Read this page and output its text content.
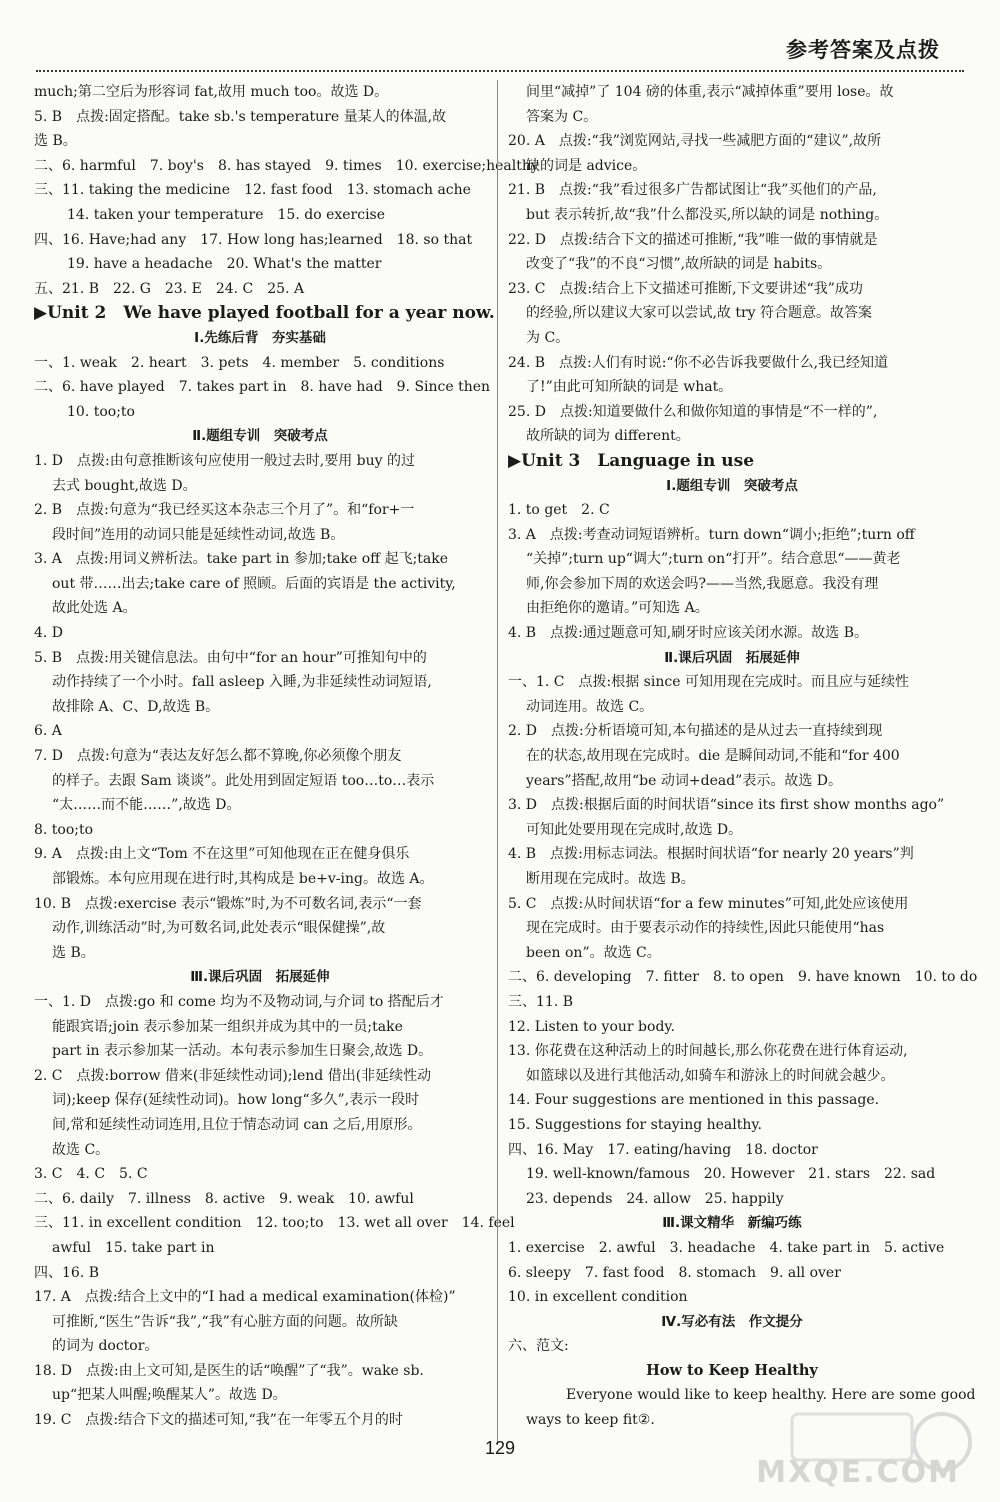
参考答案及点拨
much;第二空后为形容词 fat,故用 much too。故选 D。
5. B　点拨:固定搭配。take sb.'s temperature 量某人的体温,故
选 B。
二、6. harmful　7. boy's　8. has stayed　9. times　10. exercise;healthy
三、11. taking the medicine　12. fast food　13. stomach ache
14. taken your temperature　15. do exercise
四、16. Have;had any　17. How long has;learned　18. so that
19. have a headache　20. What's the matter
五、21. B　22. G　23. E　24. C　25. A
▶Unit 2　We have played football for a year now.
Ⅰ.先练后背　夯实基础
一、1. weak　2. heart　3. pets　4. member　5. conditions
二、6. have played　7. takes part in　8. have had　9. Since then
10. too;to
Ⅱ.题组专训　突破考点
1. D　点拨:由句意推断该句应使用一般过去时,要用 buy 的过
去式 bought,故选 D。
2. B　点拨:句意为“我已经买这本杂志三个月了”。和“for+一
段时间”连用的动词只能是延续性动词,故选 B。
3. A　点拨:用词义辨析法。take part in 参加;take off 起飞;take
out 带……出去;take care of 照顾。后面的宾语是 the activity,
故此处选 A。
4. D
5. B　点拨:用关键信息法。由句中“for an hour”可推知句中的
动作持续了一个小时。fall asleep 入睡,为非延续性动词短语,
故排除 A、C、D,故选 B。
6. A
7. D　点拨:句意为“表达友好怎么都不算晚,你必须像个朋友
的样子。去跟 Sam 谈谈”。此处用到固定短语 too…to…表示
“太……而不能……”,故选 D。
8. too;to
9. A　点拨:由上文“Tom 不在这里”可知他现在正在健身俱乐
部锻炼。本句应用现在进行时,其构成是 be+v-ing。故选 A。
10. B　点拨:exercise 表示“锻炼”时,为不可数名词,表示“一套
动作,训练活动”时,为可数名词,此处表示“眼保健操”,故
选 B。
Ⅲ.课后巩固　拓展延伸
一、1. D　点拨:go 和 come 均为不及物动词,与介词 to 搭配后才
能跟宾语;join 表示参加某一组织并成为其中的一员;take
part in 表示参加某一活动。本句表示参加生日聚会,故选 D。
2. C　点拨:borrow 借来(非延续性动词);lend 借出(非延续性动
词);keep 保存(延续性动词)。how long“多久”,表示一段时
间,常和延续性动词连用,且位于情态动词 can 之后,用原形。
故选 C。
3. C　4. C　5. C
二、6. daily　7. illness　8. active　9. weak　10. awful
三、11. in excellent condition　12. too;to　13. wet all over　14. feel
awful　15. take part in
四、16. B
17. A　点拨:结合上文中的“I had a medical examination(体检)”
可推断,“医生”告诉“我”,“我”有心脏方面的问题。故所缺
的词为 doctor。
18. D　点拨:由上文可知,是医生的话“唤醒”了“我”。wake sb.
up“把某人叫醒;唤醒某人”。故选 D。
19. C　点拨:结合下文的描述可知,“我”在一年零五个月的时
间里“减掉”了 104 磅的体重,表示“减掉体重”要用 lose。故
答案为 C。
20. A　点拨:“我”浏览网站,寻找一些减肥方面的“建议”,故所
缺的词是 advice。
21. B　点拨:“我”看过很多广告都试图让“我”买他们的产品,
but 表示转折,故“我”什么都没买,所以缺的词是 nothing。
22. D　点拨:结合下文的描述可推断,“我”唯一做的事情就是
改变了“我”的不良“习惯”,故所缺的词是 habits。
23. C　点拨:结合上下文描述可推断,下文要讲述“我”成功
的经验,所以建议大家可以尝试,故 try 符合题意。故答案
为 C。
24. B　点拨:人们有时说:“你不必告诉我要做什么,我已经知道
了!”由此可知所缺的词是 what。
25. D　点拨:知道要做什么和做你知道的事情是“不一样的”,
故所缺的词为 different。
▶Unit 3　Language in use
Ⅰ.题组专训　突破考点
1. to get　2. C
3. A　点拨:考查动词短语辨析。turn down“调小;拒绝”;turn off
“关掉”;turn up“调大”;turn on“打开”。结合意思“——黄老
师,你会参加下周的欢送会吗?——当然,我愿意。我没有理
由拒绝你的邀请。”可知选 A。
4. B　点拨:通过题意可知,刷牙时应该关闭水源。故选 B。
Ⅱ.课后巩固　拓展延伸
一、1. C　点拨:根据 since 可知用现在完成时。而且应与延续性
动词连用。故选 C。
2. D　点拨:分析语境可知,本句描述的是从过去一直持续到现
在的状态,故用现在完成时。die 是瞬间动词,不能和“for 400
years”搭配,故用“be 动词+dead”表示。故选 D。
3. D　点拨:根据后面的时间状语“since its first show months ago”
可知此处要用现在完成时,故选 D。
4. B　点拨:用标志词法。根据时间状语“for nearly 20 years”判
断用现在完成时。故选 B。
5. C　点拨:从时间状语“for a few minutes”可知,此处应该使用
现在完成时。由于要表示动作的持续性,因此只能使用“has
been on”。故选 C。
二、6. developing　7. fitter　8. to open　9. have known　10. to do
三、11. B
12. Listen to your body.
13. 你花费在这种活动上的时间越长,那么你花费在进行体育运动,
如篮球以及进行其他活动,如骑车和游泳上的时间就会越少。
14. Four suggestions are mentioned in this passage.
15. Suggestions for staying healthy.
四、16. May　17. eating/having　18. doctor
19. well-known/famous　20. However　21. stars　22. sad
23. depends　24. allow　25. happily
Ⅲ.课文精华　新编巧练
1. exercise　2. awful　3. headache　4. take part in　5. active
6. sleepy　7. fast food　8. stomach　9. all over
10. in excellent condition
Ⅳ.写必有法　作文提分
六、范文:
How to Keep Healthy
Everyone would like to keep healthy. Here are some good
ways to keep fit②.
129
MXQE.COM
